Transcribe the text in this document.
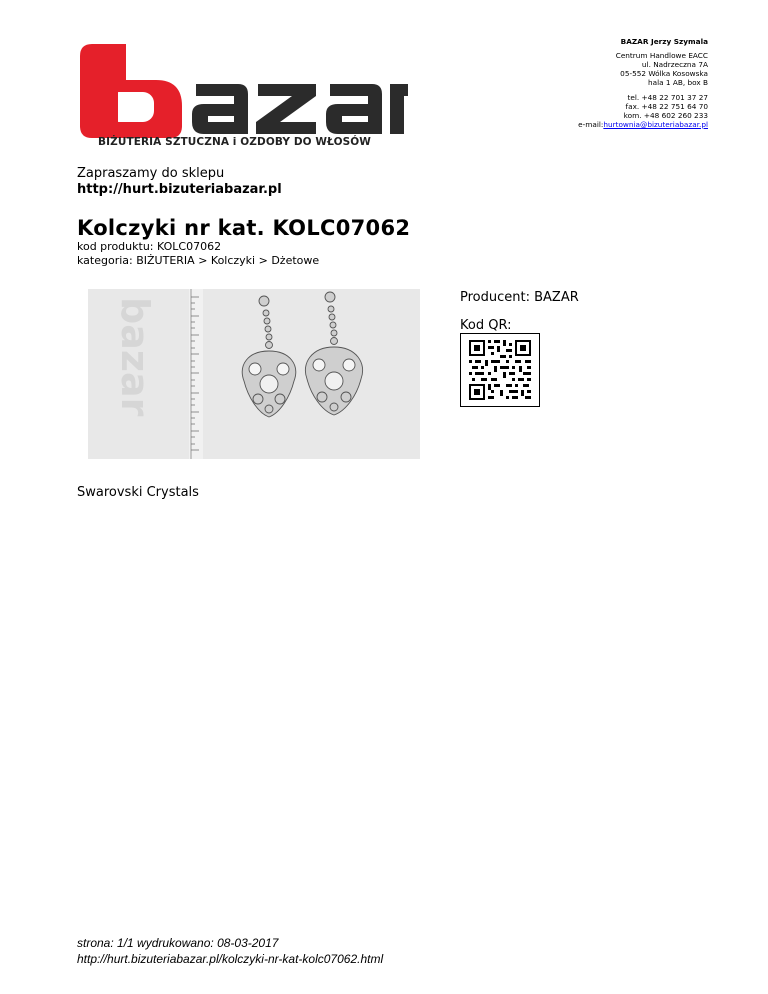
BIŻUTERIA SZTUCZNA i OZDOBY DO WŁOSÓW
BAZAR Jerzy Szymala
Centrum Handlowe EACC
ul. Nadrzeczna 7A
05-552 Wólka Kosowska
hala 1 AB, box B
tel. +48 22 701 37 27
fax. +48 22 751 64 70
kom. +48 602 260 233
e-mail:hurtownia@bizuteriabazar.pl
Zapraszamy do sklepu
http://hurt.bizuteriabazar.pl
Kolczyki nr kat. KOLC07062
kod produktu: KOLC07062
kategoria: BIŻUTERIA > Kolczyki > Dżetowe
bazar	Producent: BAZAR
Kod QR:
Swarovski Crystals
strona: 1/1 wydrukowano: 08-03-2017
http://hurt.bizuteriabazar.pl/kolczyki-nr-kat-kolc07062.html
